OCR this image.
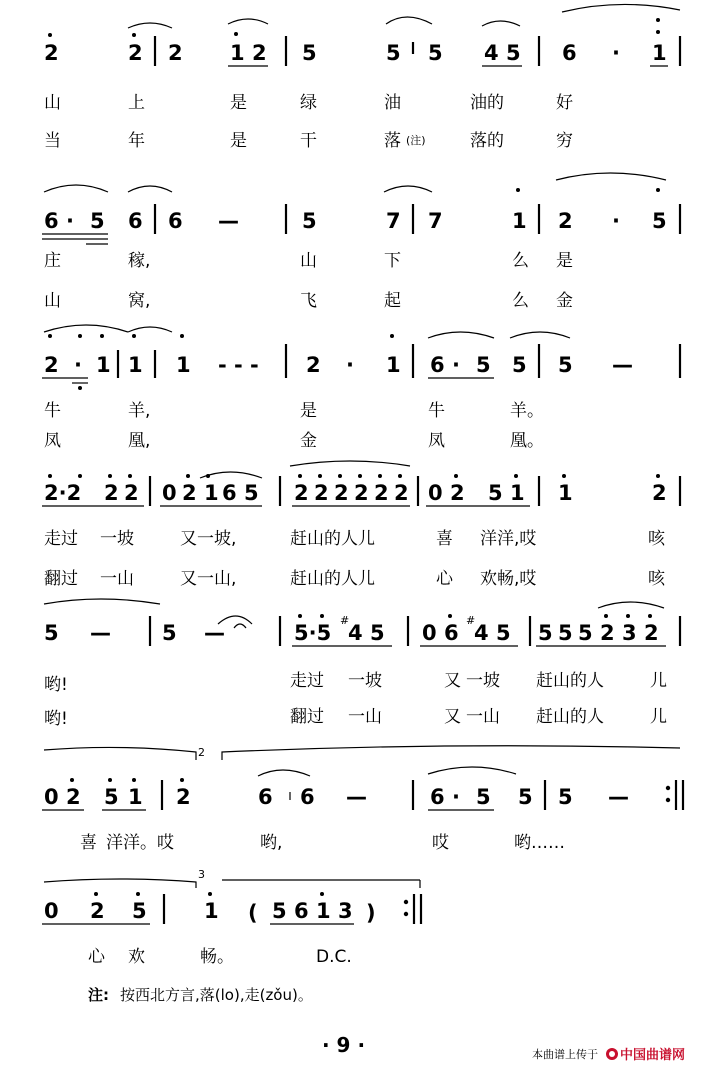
2	2 2 1 2 5	5 5 4 5 6 · 1
山	上	是	绿	油	油的	好
当	年	是	干	落 (注)	落的	穷
6 · 5 6 6 —	5	7 7	1 2 · 5
庄	稼,	山	下	么 是
山	窝,	飞	起	么 金
2 · 1 1 1 - - - 2 · 1 6 · 5 5 5 —
牛	羊,	是	牛	羊。
凤	凰,	金	凤	凰。
2·2 2 2 0 2 1 6 5 2 2 2 2 2 2 0 2 5 1 1	2
走过 一坡	又一坡,	赶山的人儿	喜 洋洋,哎	咳
翻过 一山	又一山,	赶山的人儿	心 欢畅,哎	咳
5 — 5 —	5·5
#
4 5 0 6
#
4 5 5 5 5 2 3 2
哟!	走过 一坡	又 一坡 赶山的人	儿
哟!	翻过 一山	又 一山 赶山的人	儿
2
0 2 5 1 2	6 6 —	6 · 5 5 5 —
喜 洋洋。哎	哟,	哎	哟……
3
0 2 5	1 ( 5 6 1 3 )
心 欢	畅。	D.C.
注: 按西北方言,落(lo),走(zǒu)。
· 9 ·	本曲谱上传于 中国曲谱网
